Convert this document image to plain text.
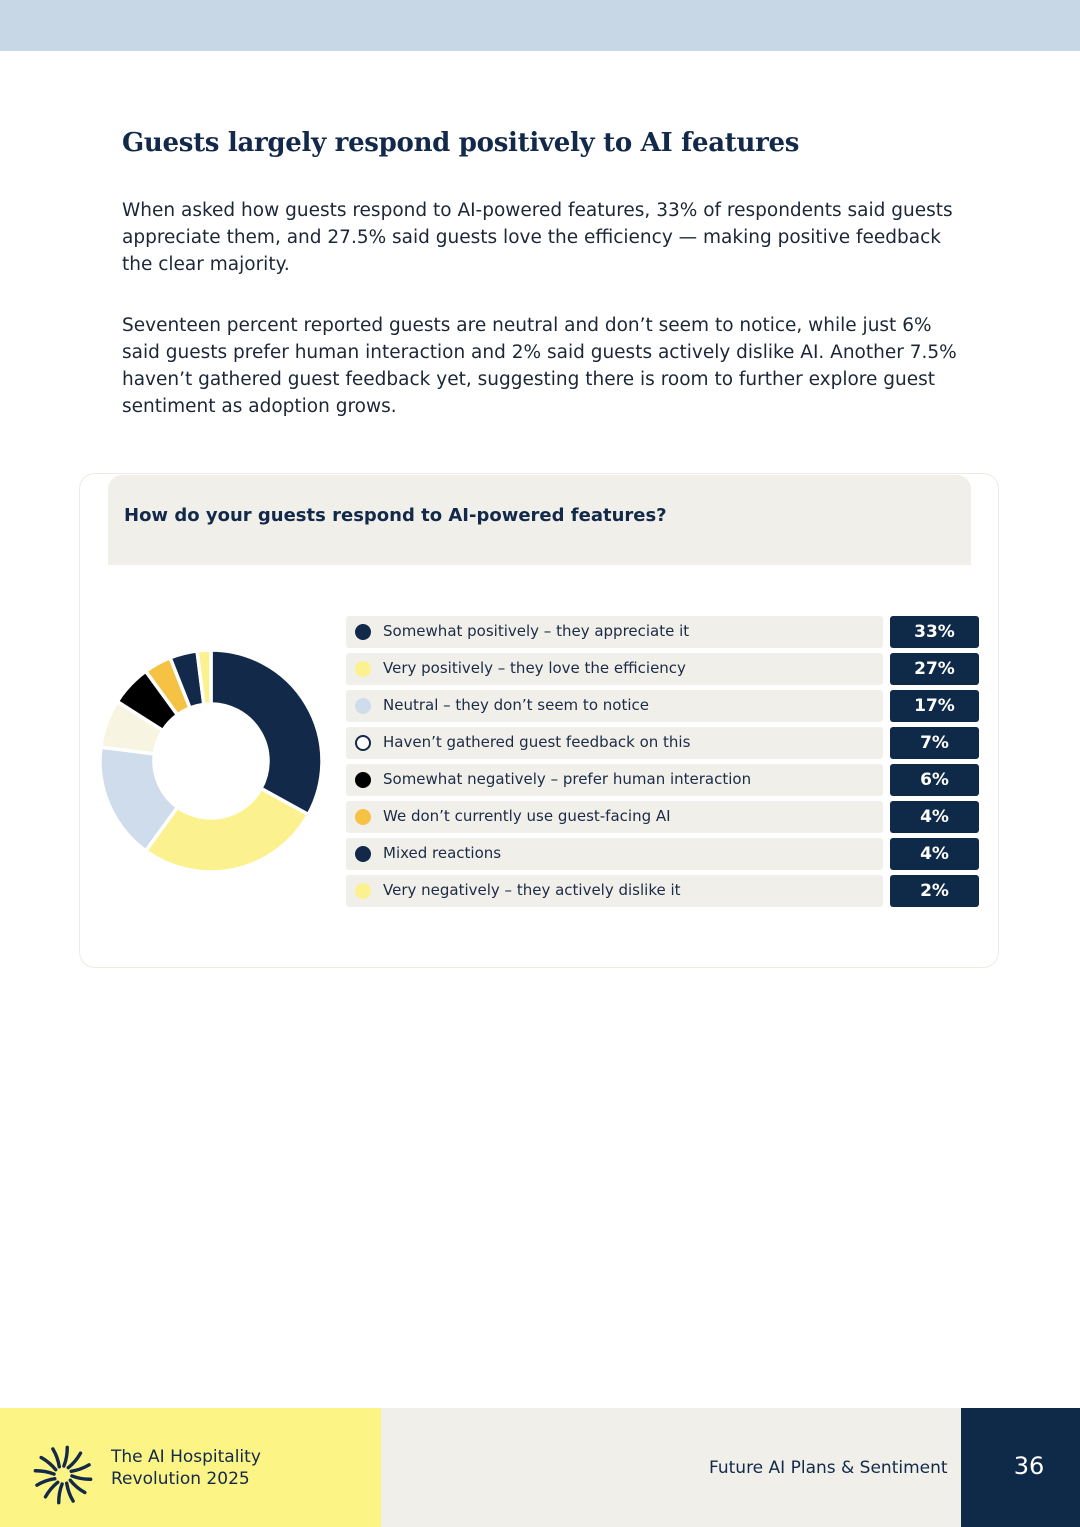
Guests largely respond positively to AI features

When asked how guests respond to AI-powered features, 33% of respondents said guests appreciate them, and 27.5% said guests love the efficiency — making positive feedback the clear majority.

Seventeen percent reported guests are neutral and don’t seem to notice, while just 6% said guests prefer human interaction and 2% said guests actively dislike AI. Another 7.5% haven’t gathered guest feedback yet, suggesting there is room to further explore guest sentiment as adoption grows.

How do your guests respond to AI-powered features?

Somewhat positively – they appreciate it	33%
Very positively – they love the efficiency	27%
Neutral – they don’t seem to notice	17%
Haven’t gathered guest feedback on this	7%
Somewhat negatively – prefer human interaction	6%
We don’t currently use guest-facing AI	4%
Mixed reactions	4%
Very negatively – they actively dislike it	2%
The AI Hospitality
Revolution 2025
Future AI Plans & Sentiment	36
